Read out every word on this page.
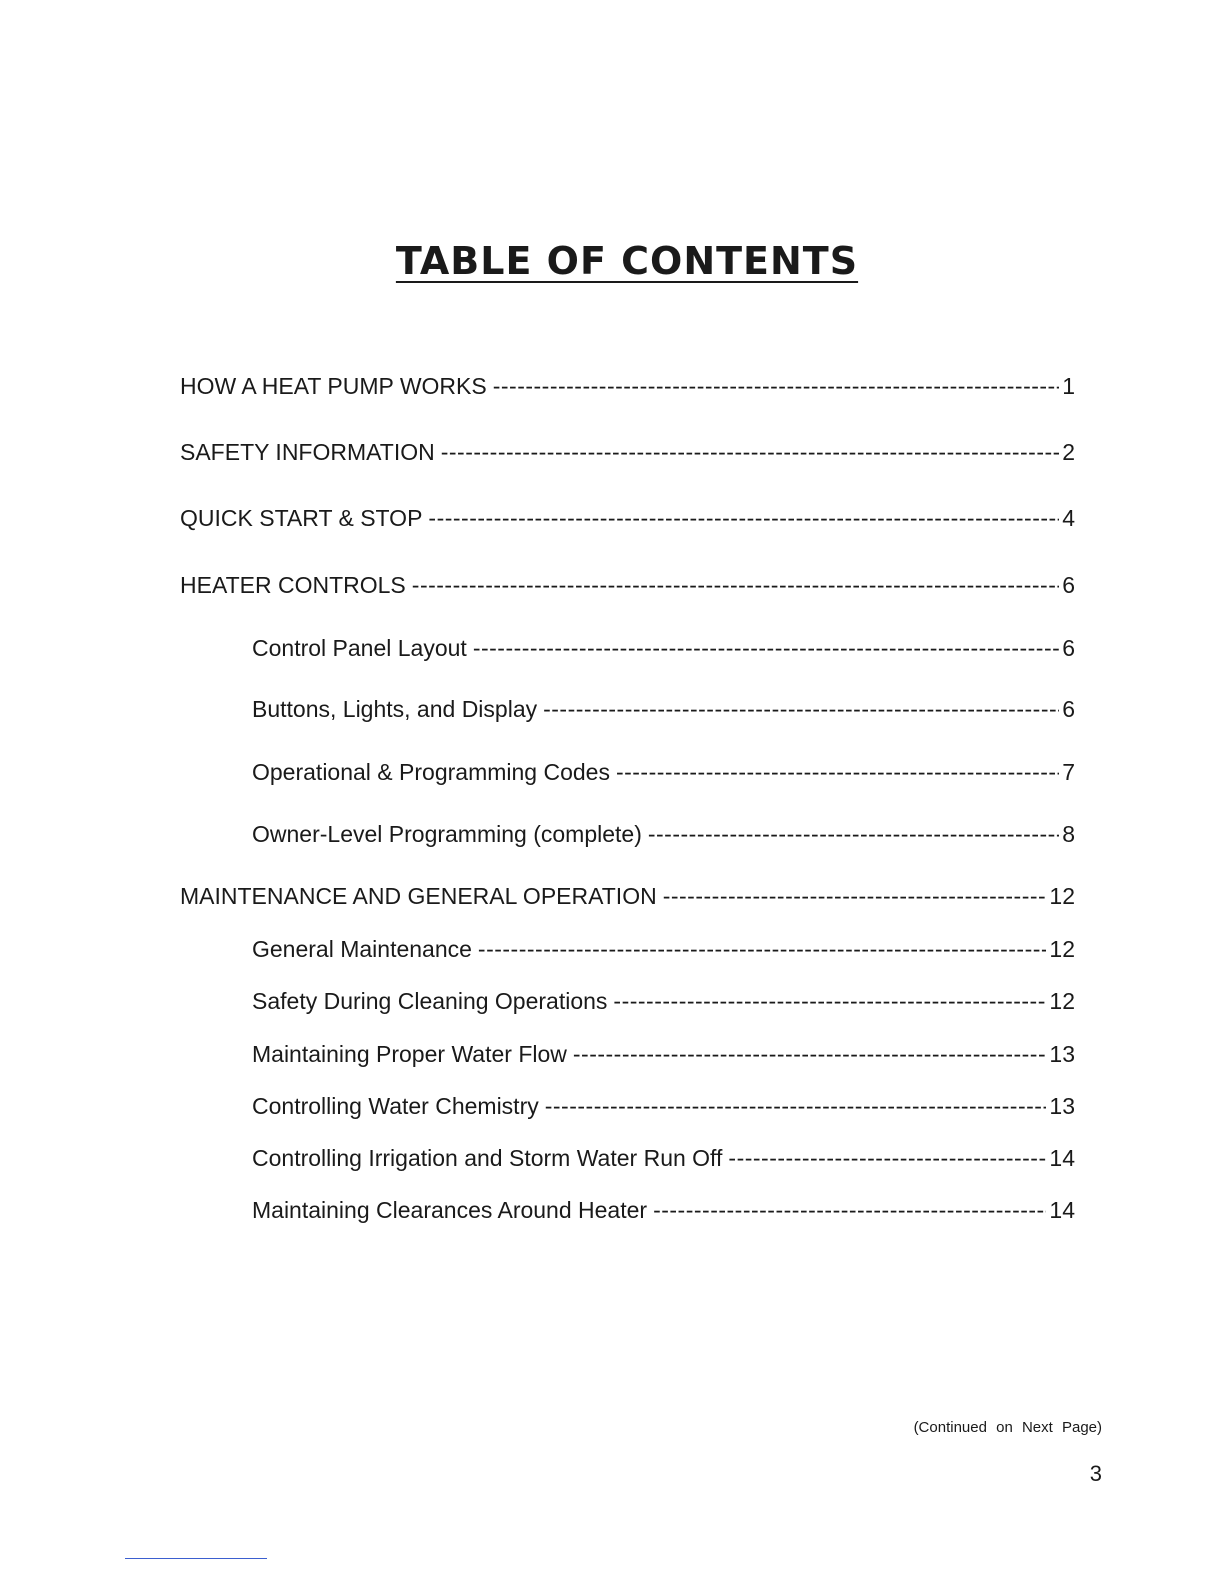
TABLE OF CONTENTS
HOW A HEAT PUMP WORKS -----	1
SAFETY INFORMATION -----	2
QUICK START & STOP -----	4
HEATER CONTROLS -----	6
Control Panel Layout -----	6
Buttons, Lights, and Display -----	6
Operational & Programming Codes -----	7
Owner-Level Programming (complete) -----	8
MAINTENANCE AND GENERAL OPERATION -----	12
General Maintenance -----	12
Safety During Cleaning Operations -----	12
Maintaining Proper Water Flow -----	13
Controlling Water Chemistry -----	13
Controlling Irrigation and Storm Water Run Off -----	14
Maintaining Clearances Around Heater -----	14
(Continued on Next Page)
3
